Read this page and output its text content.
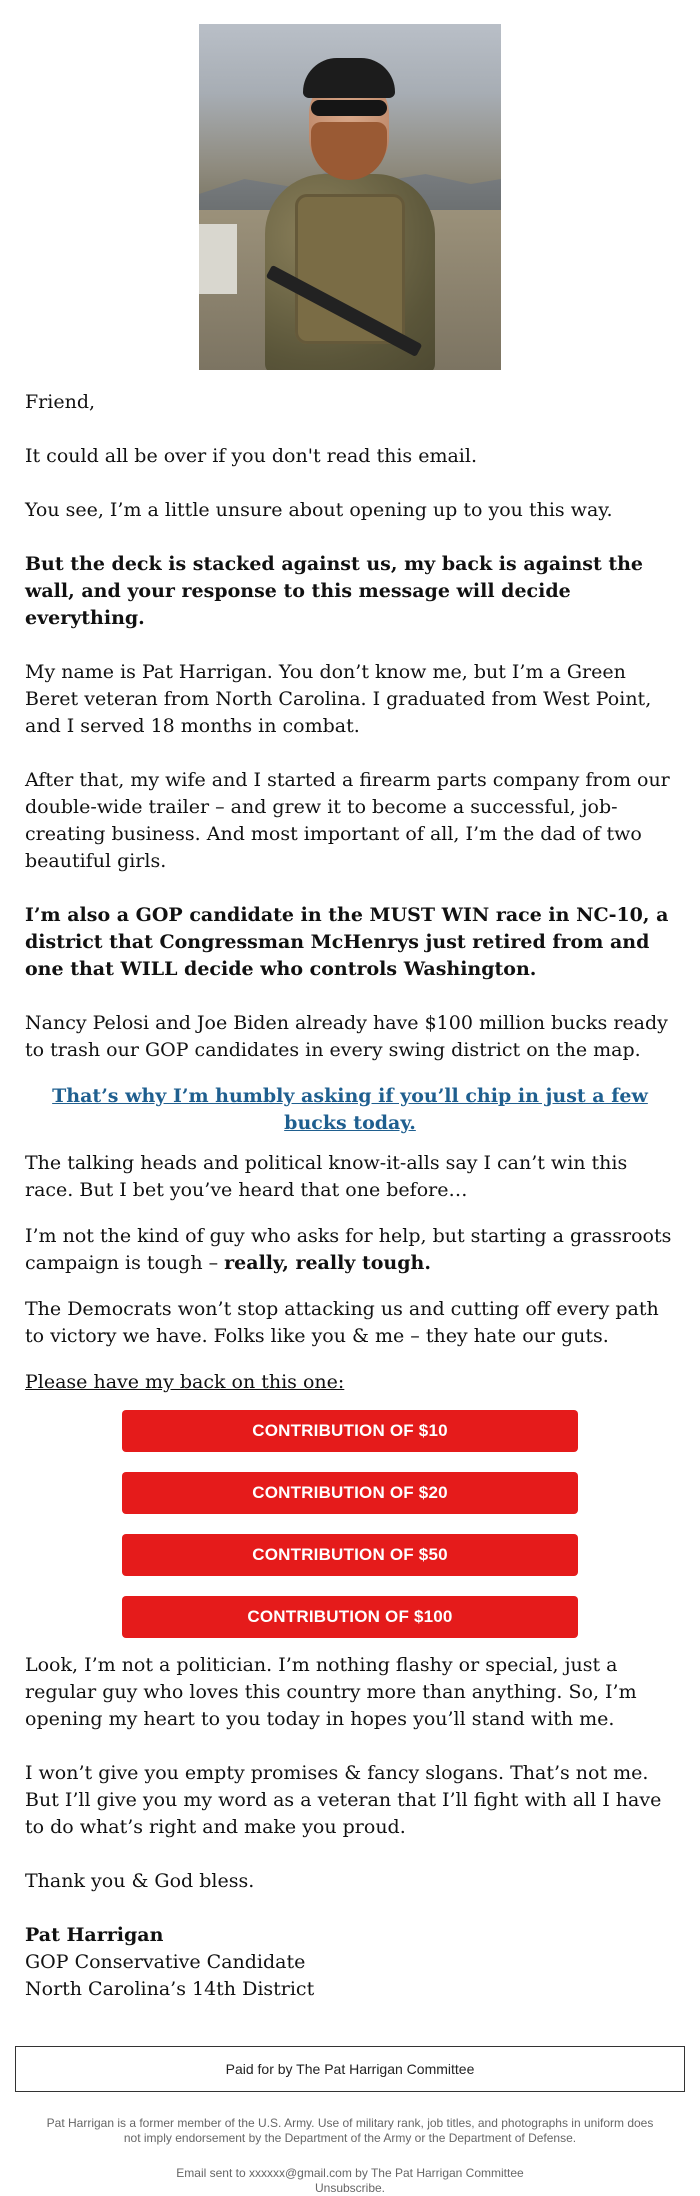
Friend,

It could all be over if you don't read this email.

You see, I’m a little unsure about opening up to you this way.

But the deck is stacked against us, my back is against the wall, and your response to this message will decide everything.

My name is Pat Harrigan. You don’t know me, but I’m a Green Beret veteran from North Carolina. I graduated from West Point, and I served 18 months in combat.

After that, my wife and I started a firearm parts company from our double-wide trailer – and grew it to become a successful, job-creating business. And most important of all, I’m the dad of two beautiful girls.

I’m also a GOP candidate in the MUST WIN race in NC-10, a district that Congressman McHenrys just retired from and one that WILL decide who controls Washington.

Nancy Pelosi and Joe Biden already have $100 million bucks ready to trash our GOP candidates in every swing district on the map.

That’s why I’m humbly asking if you’ll chip in just a few bucks today.

The talking heads and political know-it-alls say I can’t win this race. But I bet you’ve heard that one before…

I’m not the kind of guy who asks for help, but starting a grassroots campaign is tough – really, really tough.

The Democrats won’t stop attacking us and cutting off every path to victory we have. Folks like you & me – they hate our guts.

Please have my back on this one:

CONTRIBUTION OF $10
CONTRIBUTION OF $20
CONTRIBUTION OF $50
CONTRIBUTION OF $100

Look, I’m not a politician. I’m nothing flashy or special, just a regular guy who loves this country more than anything. So, I’m opening my heart to you today in hopes you’ll stand with me.

I won’t give you empty promises & fancy slogans. That’s not me. But I’ll give you my word as a veteran that I’ll fight with all I have to do what’s right and make you proud.

Thank you & God bless.

Pat Harrigan

GOP Conservative Candidate

North Carolina’s 14th District

Paid for by The Pat Harrigan Committee
Pat Harrigan is a former member of the U.S. Army. Use of military rank, job titles, and photographs in uniform does not imply endorsement by the Department of the Army or the Department of Defense.
Email sent to xxxxxx@gmail.com by The Pat Harrigan Committee
Unsubscribe.
